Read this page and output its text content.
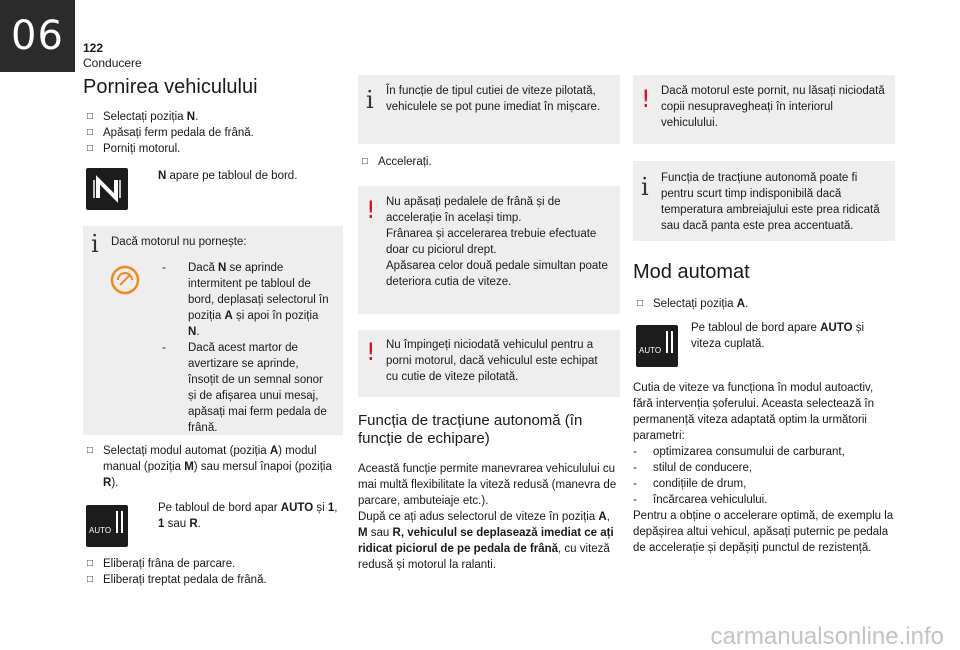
06	122
Conducere
Pornirea vehiculului

□ Selectați poziția N.

□ Apăsați ferm pedala de frână.

□ Porniți motorul.

N apare pe tabloul de bord.
i Dacă motorul nu pornește:
- Dacă N se aprinde intermitent pe tabloul de bord, deplasați selectorul în poziția A și apoi în poziția N.
- Dacă acest martor de avertizare se aprinde, însoțit de un semnal sonor și de afișarea unui mesaj, apăsați mai ferm pedala de frână.

□ Selectați modul automat (poziția A) modul manual (poziția M) sau mersul înapoi (poziția R).

AUTO
Pe tabloul de bord apar AUTO și 1,
1 sau R.

□ Eliberați frâna de parcare.

□ Eliberați treptat pedala de frână.

i În funcție de tipul cutiei de viteze pilotată, vehiculele se pot pune imediat în mișcare.

□ Accelerați.

! Nu apăsați pedalele de frână și de accelerație în același timp.
Frânarea și accelerarea trebuie efectuate doar cu piciorul drept.
Apăsarea celor două pedale simultan poate deteriora cutia de viteze.
! Nu împingeți niciodată vehiculul pentru a porni motorul, dacă vehiculul este echipat cu cutie de viteze pilotată.
Funcția de tracțiune autonomă (în funcție de echipare)
Această funcție permite manevrarea vehiculului cu mai multă flexibilitate la viteză redusă (manevra de parcare, ambuteiaje etc.).
După ce ați adus selectorul de viteze în poziția A, M sau R, vehiculul se deplasează imediat ce ați ridicat piciorul de pe pedala de frână, cu viteză redusă și motorul la ralanti.
! Dacă motorul este pornit, nu lăsați niciodată copii nesupravegheați în interiorul vehiculului.
i Funcția de tracțiune autonomă poate fi pentru scurt timp indisponibilă dacă temperatura ambreiajului este prea ridicată sau dacă panta este prea accentuată.
Mod automat

□ Selectați poziția A.

AUTO
Pe tabloul de bord apare AUTO și
viteza cuplată.
Cutia de viteze va funcționa în modul autoactiv, fără intervenția șoferului. Aceasta selectează în permanență viteza adaptată optim la următorii parametri:
- optimizarea consumului de carburant,
- stilul de conducere,
- condițiile de drum,
- încărcarea vehiculului.
Pentru a obține o accelerare optimă, de exemplu la depășirea altui vehicul, apăsați puternic pe pedala de accelerație și depășiți punctul de rezistență.
carmanualsonline.info
